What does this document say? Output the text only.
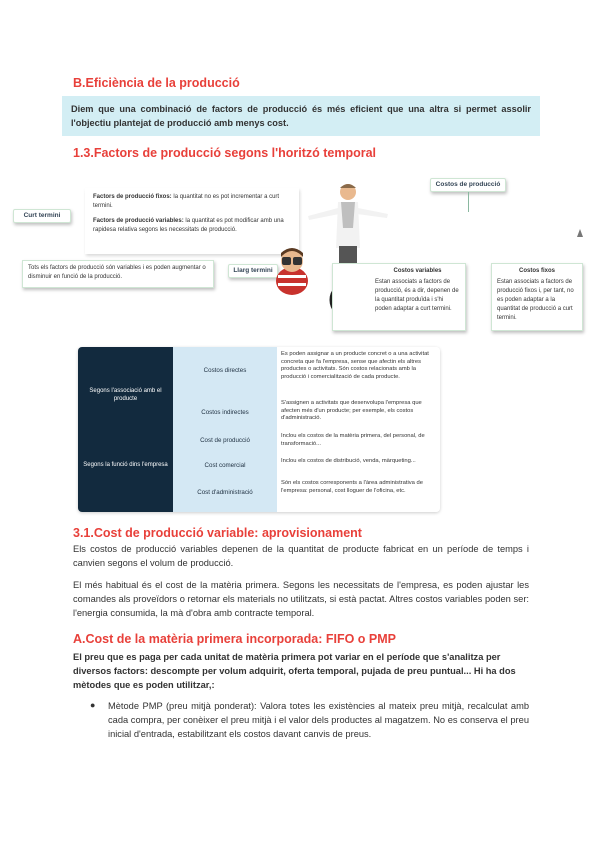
B.Eficiència de la producció
Diem que una combinació de factors de producció és més eficient que una altra si permet assolir l'objectiu plantejat de producció amb menys cost.
1.3.Factors de producció segons l'horitzó temporal
Curt termini
Factors de producció fixos: la quantitat no es pot incrementar a curt termini.
Factors de producció variables: la quantitat es pot modificar amb una rapidesa relativa segons les necessitats de producció.
Tots els factors de producció són variables i es poden augmentar o disminuir en funció de la producció.
Llarg termini
Costos de producció
Costos variables
Estan associats a factors de producció, és a dir, depenen de la quantitat produïda i s'hi poden adaptar a curt termini.
Costos fixos
Estan associats a factors de producció fixos i, per tant, no es poden adaptar a la quantitat de producció a curt termini.
Segons l'associació amb el producte
Segons la funció dins l'empresa
Costos directes
Costos indirectes
Cost de producció
Cost comercial
Cost d'administració
Es poden assignar a un producte concret o a una activitat concreta que fa l'empresa, sense que afectin els altres productes o activitats. Són costos relacionats amb la producció i comercialització de cada producte.
S'assignen a activitats que desenvolupa l'empresa que afecten més d'un producte; per exemple, els costos d'administració.
Inclou els costos de la matèria primera, del personal, de transformació...
Inclou els costos de distribució, venda, màrqueting...
Són els costos corresponents a l'àrea administrativa de l'empresa: personal, cost lloguer de l'oficina, etc.
3.1.Cost de producció variable: aprovisionament
Els costos de producció variables depenen de la quantitat de producte fabricat en un període de temps i canvien segons el volum de producció.
El més habitual és el cost de la matèria primera. Segons les necessitats de l'empresa, es poden ajustar les comandes als proveïdors o retornar els materials no utilitzats, si està pactat. Altres costos variables poden ser: l'energia consumida, la mà d'obra amb contracte temporal.
A.Cost de la matèria primera incorporada: FIFO o PMP
El preu que es paga per cada unitat de matèria primera pot variar en el període que s'analitza per diversos factors: descompte per volum adquirit, oferta temporal, pujada de preu puntual... Hi ha dos mètodes que es poden utilitzar,:
● Mètode PMP (preu mitjà ponderat): Valora totes les existències al mateix preu mitjà, recalculat amb cada compra, per conèixer el preu mitjà i el valor dels productes al magatzem. No es conserva el preu inicial d'entrada, estabilitzant els costos davant canvis de preus.
